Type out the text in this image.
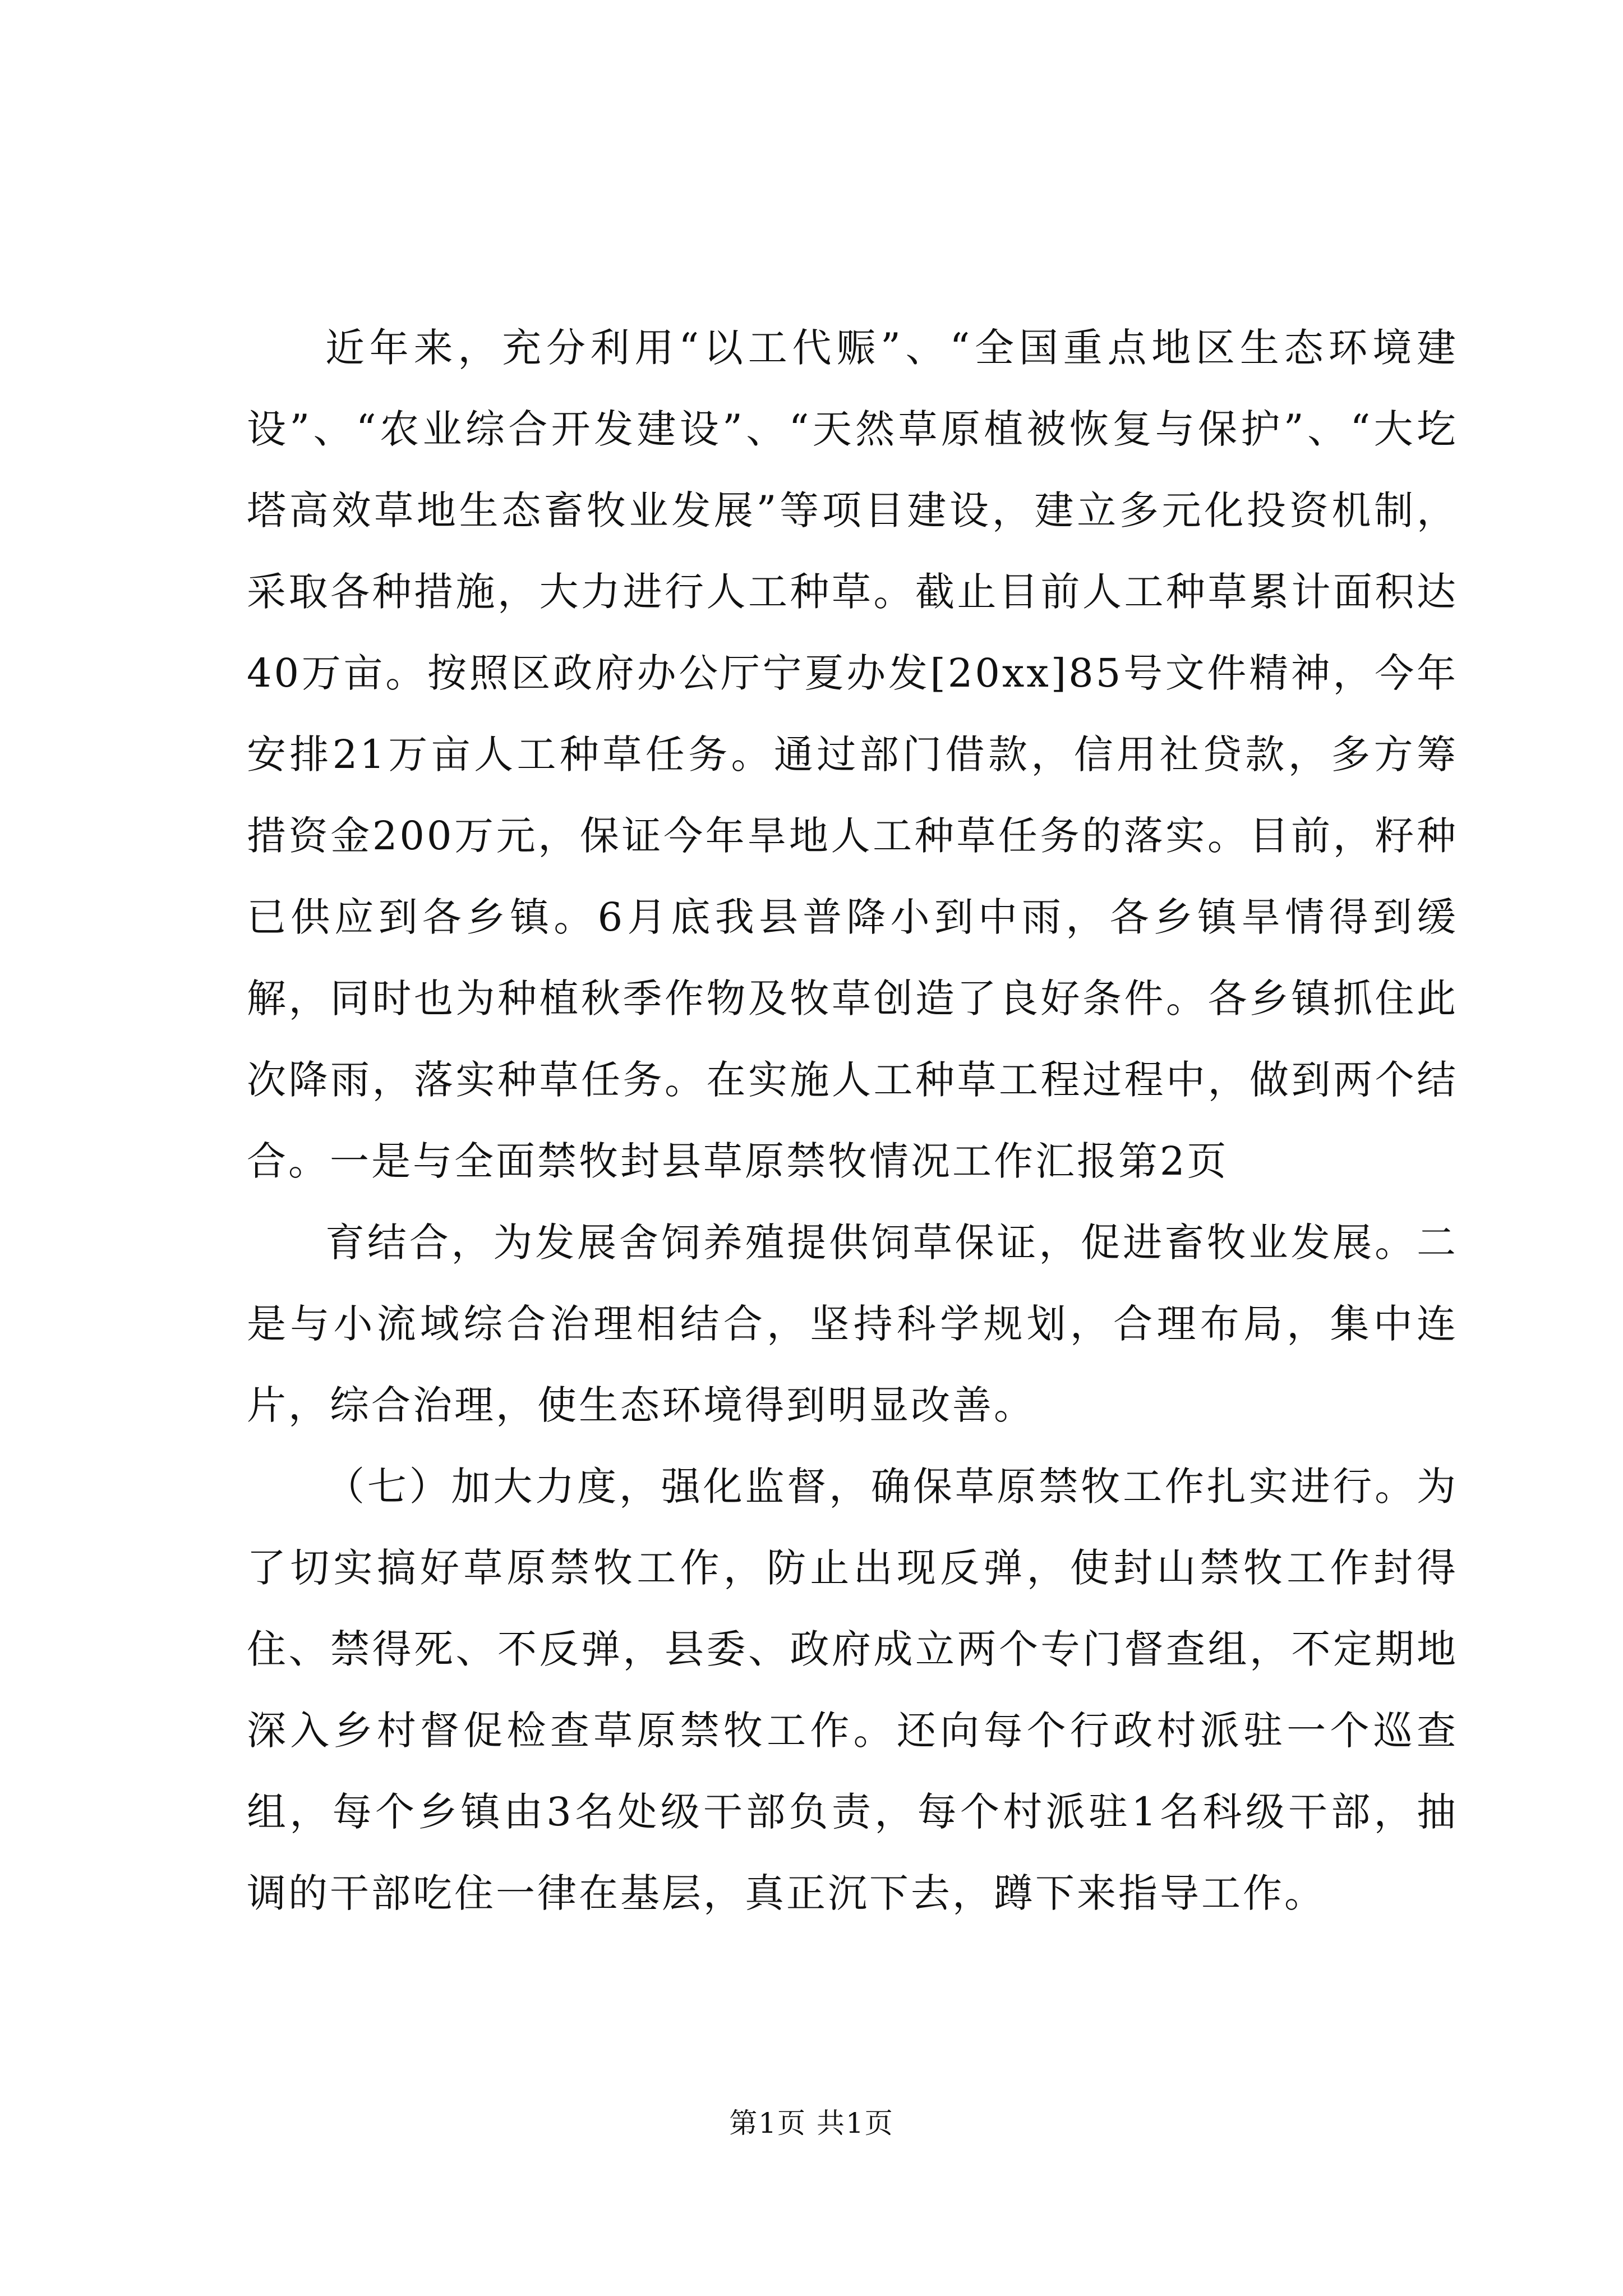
近年来，充分利用“以工代赈”、“全国重点地区生态环境建设”、“农业综合开发建设”、“天然草原植被恢复与保护”、“大圪塔高效草地生态畜牧业发展”等项目建设，建立多元化投资机制，采取各种措施，大力进行人工种草。截止目前人工种草累计面积达40万亩。按照区政府办公厅宁夏办发[20xx]85号文件精神，今年安排21万亩人工种草任务。通过部门借款，信用社贷款，多方筹措资金200万元，保证今年旱地人工种草任务的落实。目前，籽种已供应到各乡镇。6月底我县普降小到中雨，各乡镇旱情得到缓解，同时也为种植秋季作物及牧草创造了良好条件。各乡镇抓住此次降雨，落实种草任务。在实施人工种草工程过程中，做到两个结合。一是与全面禁牧封县草原禁牧情况工作汇报第2页

育结合，为发展舍饲养殖提供饲草保证，促进畜牧业发展。二是与小流域综合治理相结合，坚持科学规划，合理布局，集中连片，综合治理，使生态环境得到明显改善。

（七）加大力度，强化监督，确保草原禁牧工作扎实进行。为了切实搞好草原禁牧工作，防止出现反弹，使封山禁牧工作封得住、禁得死、不反弹，县委、政府成立两个专门督查组，不定期地深入乡村督促检查草原禁牧工作。还向每个行政村派驻一个巡查组，每个乡镇由3名处级干部负责，每个村派驻1名科级干部，抽调的干部吃住一律在基层，真正沉下去，蹲下来指导工作。

第1页 共1页
